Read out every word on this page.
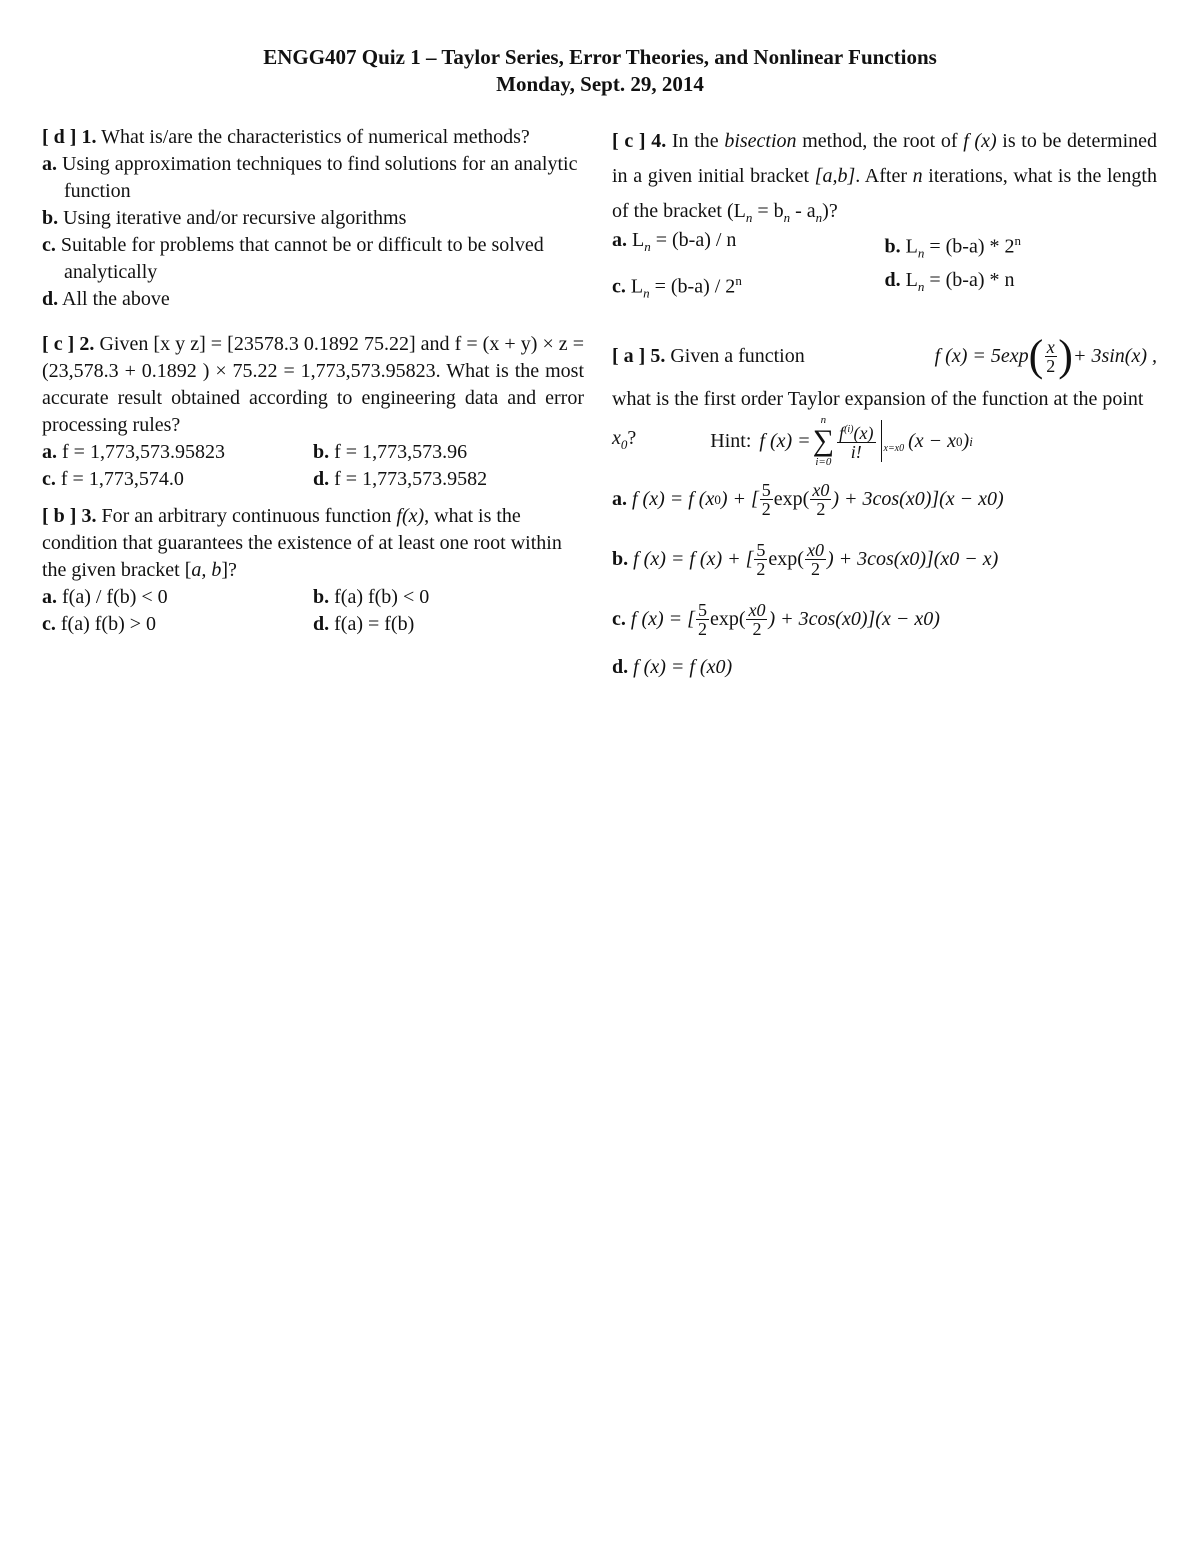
ENGG407 Quiz 1 – Taylor Series, Error Theories, and Nonlinear Functions
Monday, Sept. 29, 2014

[ d ] 1. What is/are the characteristics of numerical methods?

a. Using approximation techniques to find solutions for an analytic function

b. Using iterative and/or recursive algorithms

c. Suitable for problems that cannot be or difficult to be solved analytically

d. All the above

[ c ] 2. Given [x y z] = [23578.3 0.1892 75.22] and f = (x + y) × z = (23,578.3 + 0.1892 ) × 75.22 = 1,773,573.95823. What is the most accurate result obtained according to engineering data and error processing rules?

a. f = 1,773,573.95823	b. f = 1,773,573.96
c. f = 1,773,574.0	d. f = 1,773,573.9582

[ b ] 3. For an arbitrary continuous function f(x), what is the condition that guarantees the existence of at least one root within the given bracket [a, b]?

a. f(a) / f(b) < 0	b. f(a) f(b) < 0
c. f(a) f(b) > 0	d. f(a) = f(b)

[ c ] 4. In the bisection method, the root of f (x) is to be determined in a given initial bracket [a,b]. After n iterations, what is the length of the bracket $(L_n = b_n - a_n)$?

a. $L_n = (b-a) / n$	b. $L_n = (b-a) * 2^n$
c. $L_n = (b-a) / 2^n$	d. $L_n = (b-a) * n$
[ a ] 5. Given a function	f (x) = 5exp ( $\frac{x}{2}$ ) + 3sin(x) ,

what is the first order Taylor expansion of the function at the point

$x_0$?	Hint: f (x) =
n
∑
i=0
$\frac{f^{(i)}(x)}{i!} x=x0$ (x − x 0 ) i
a.
f (x) = f (x 0 ) + [ $\frac{5}{2} \exp( \frac{x0}{2}$ ) + 3cos(x0)](x − x0)
b.
f (x) = f (x ) + [ $\frac{5}{2} \exp( \frac{x0}{2}$ ) + 3cos(x0)](x0 − x)
c.
f (x) = [ $\frac{5}{2} \exp( \frac{x0}{2}$ ) + 3cos(x0)](x − x0)
d.
f (x) = f (x0)
